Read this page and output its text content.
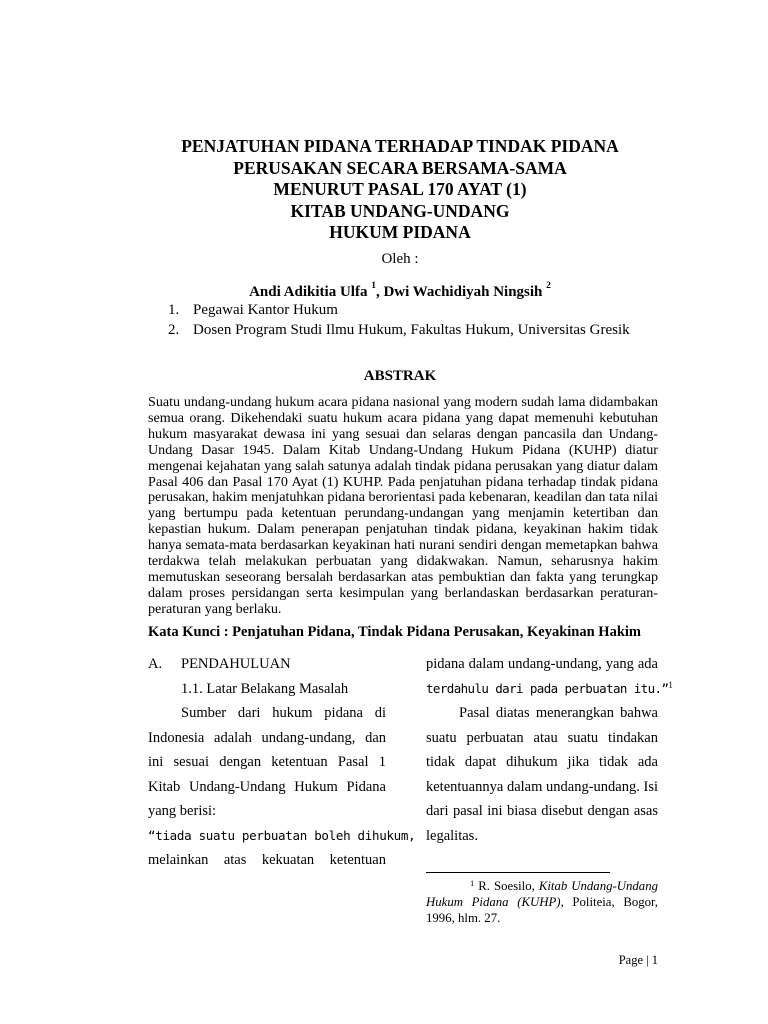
PENJATUHAN PIDANA TERHADAP TINDAK PIDANA
PERUSAKAN SECARA BERSAMA-SAMA
MENURUT PASAL 170 AYAT (1)
KITAB UNDANG-UNDANG
HUKUM PIDANA
Oleh :
Andi Adikitia Ulfa $^1$, Dwi Wachidiyah Ningsih $^2$
1. Pegawai Kantor Hukum
2. Dosen Program Studi Ilmu Hukum, Fakultas Hukum, Universitas Gresik
ABSTRAK

Suatu undang-undang hukum acara pidana nasional yang modern sudah lama didambakan semua orang. Dikehendaki suatu hukum acara pidana yang dapat memenuhi kebutuhan hukum masyarakat dewasa ini yang sesuai dan selaras dengan pancasila dan Undang-Undang Dasar 1945. Dalam Kitab Undang-Undang Hukum Pidana (KUHP) diatur mengenai kejahatan yang salah satunya adalah tindak pidana perusakan yang diatur dalam Pasal 406 dan Pasal 170 Ayat (1) KUHP. Pada penjatuhan pidana terhadap tindak pidana perusakan, hakim menjatuhkan pidana berorientasi pada kebenaran, keadilan dan tata nilai yang bertumpu pada ketentuan perundang-undangan yang menjamin ketertiban dan kepastian hukum. Dalam penerapan penjatuhan tindak pidana, keyakinan hakim tidak hanya semata-mata berdasarkan keyakinan hati nurani sendiri dengan memetapkan bahwa terdakwa telah melakukan perbuatan yang didakwakan. Namun, seharusnya hakim memutuskan seseorang bersalah berdasarkan atas pembuktian dan fakta yang terungkap dalam proses persidangan serta kesimpulan yang berlandaskan berdasarkan peraturan-peraturan yang berlaku.

Kata Kunci : Penjatuhan Pidana, Tindak Pidana Perusakan, Keyakinan Hakim
A. PENDAHULUAN
1.1. Latar Belakang Masalah
Sumber dari hukum pidana di
Indonesia adalah undang-undang, dan
ini sesuai dengan ketentuan Pasal 1
Kitab Undang-Undang Hukum Pidana
yang berisi:
“tiada suatu perbuatan boleh dihukum,
melainkan atas kekuatan ketentuan
pidana dalam undang-undang, yang ada
terdahulu dari pada perbuatan itu.”$^1$
Pasal diatas menerangkan bahwa
suatu perbuatan atau suatu tindakan
tidak dapat dihukum jika tidak ada
ketentuannya dalam undang-undang. Isi
dari pasal ini biasa disebut dengan asas
legalitas.
$^1$ R. Soesilo, Kitab Undang-Undang Hukum Pidana (KUHP), Politeia, Bogor, 1996, hlm. 27.
Page | 1
